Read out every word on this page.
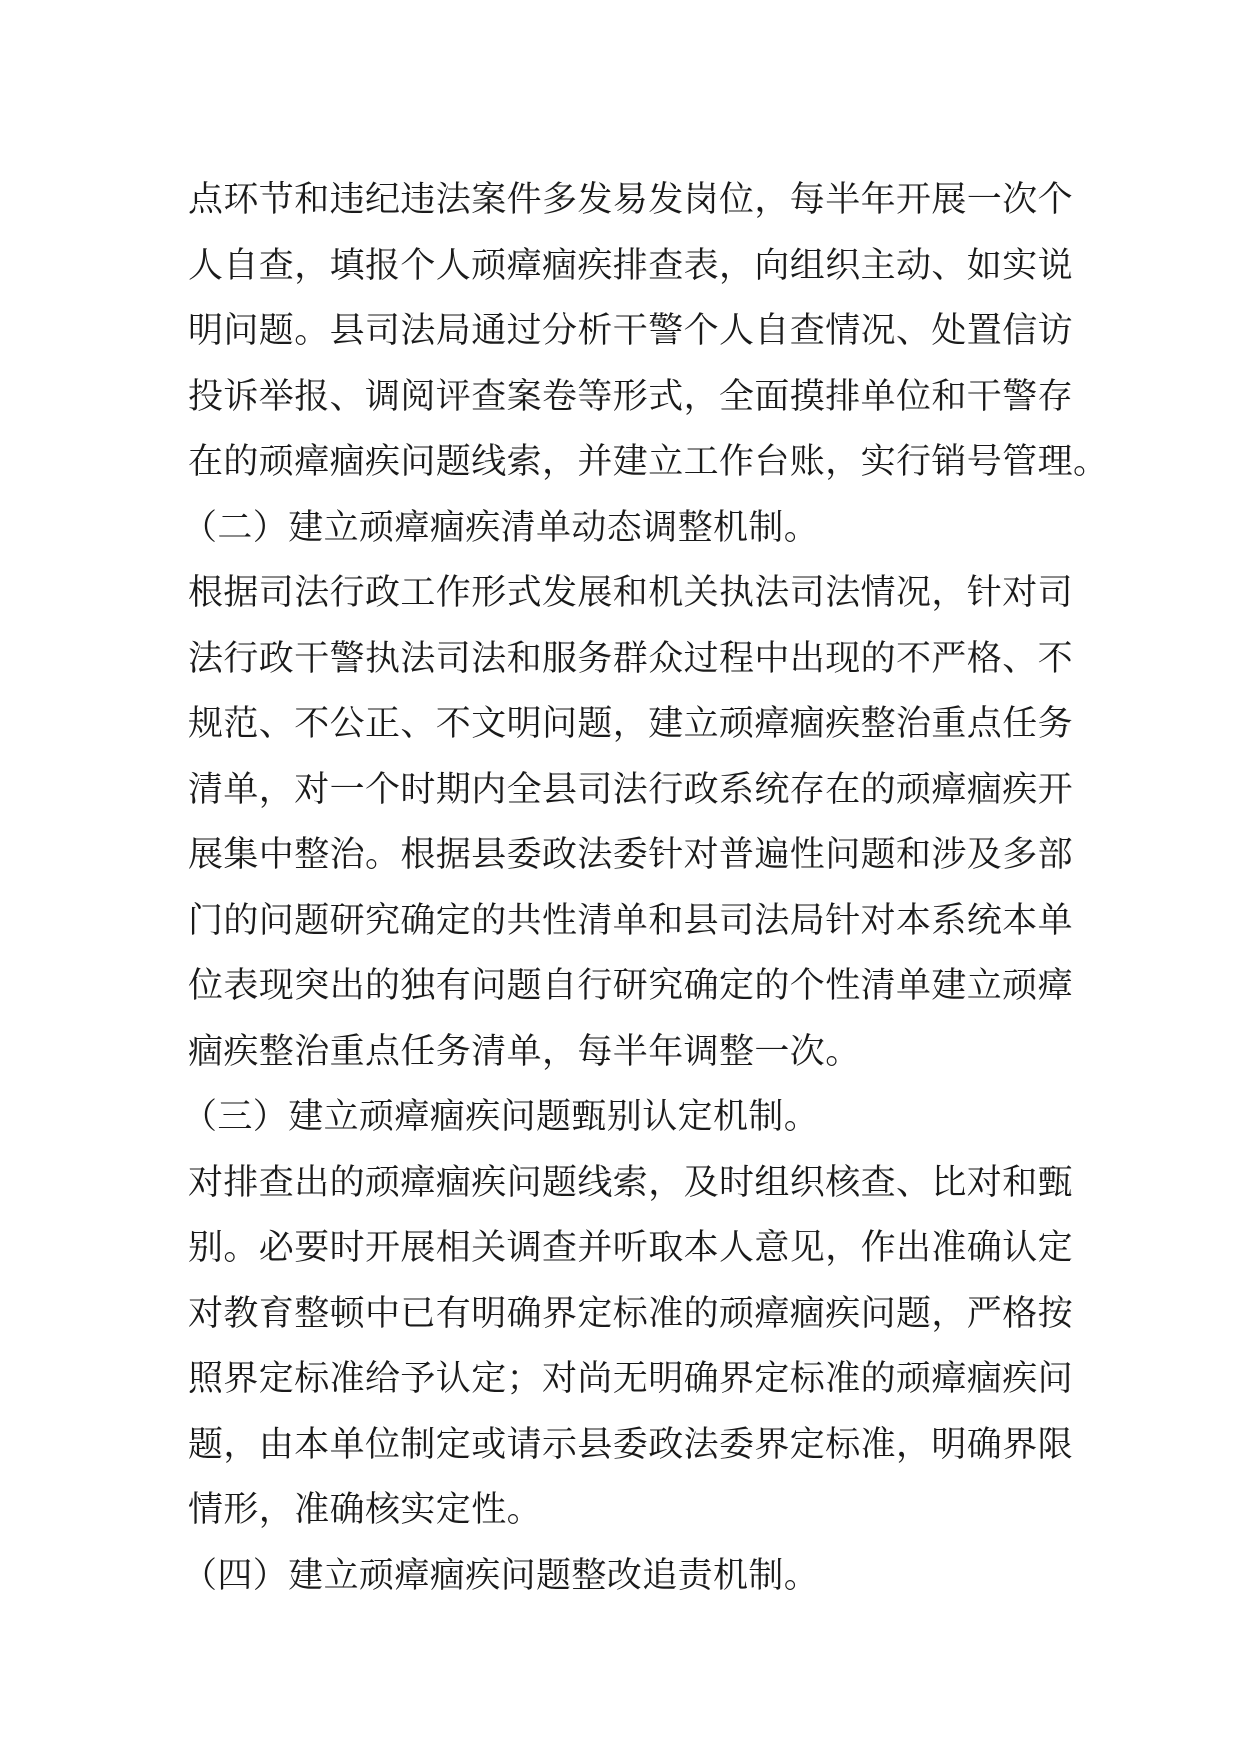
点环节和违纪违法案件多发易发岗位，每半年开展一次个
人自查，填报个人顽瘴痼疾排查表，向组织主动、如实说
明问题。县司法局通过分析干警个人自查情况、处置信访
投诉举报、调阅评查案卷等形式，全面摸排单位和干警存
在的顽瘴痼疾问题线索，并建立工作台账，实行销号管理。
（二）建立顽瘴痼疾清单动态调整机制。
根据司法行政工作形式发展和机关执法司法情况，针对司
法行政干警执法司法和服务群众过程中出现的不严格、不
规范、不公正、不文明问题，建立顽瘴痼疾整治重点任务
清单，对一个时期内全县司法行政系统存在的顽瘴痼疾开
展集中整治。根据县委政法委针对普遍性问题和涉及多部
门的问题研究确定的共性清单和县司法局针对本系统本单
位表现突出的独有问题自行研究确定的个性清单建立顽瘴
痼疾整治重点任务清单，每半年调整一次。
（三）建立顽瘴痼疾问题甄别认定机制。
对排查出的顽瘴痼疾问题线索，及时组织核查、比对和甄
别。必要时开展相关调查并听取本人意见，作出准确认定
对教育整顿中已有明确界定标准的顽瘴痼疾问题，严格按
照界定标准给予认定；对尚无明确界定标准的顽瘴痼疾问
题，由本单位制定或请示县委政法委界定标准，明确界限
情形，准确核实定性。
（四）建立顽瘴痼疾问题整改追责机制。
